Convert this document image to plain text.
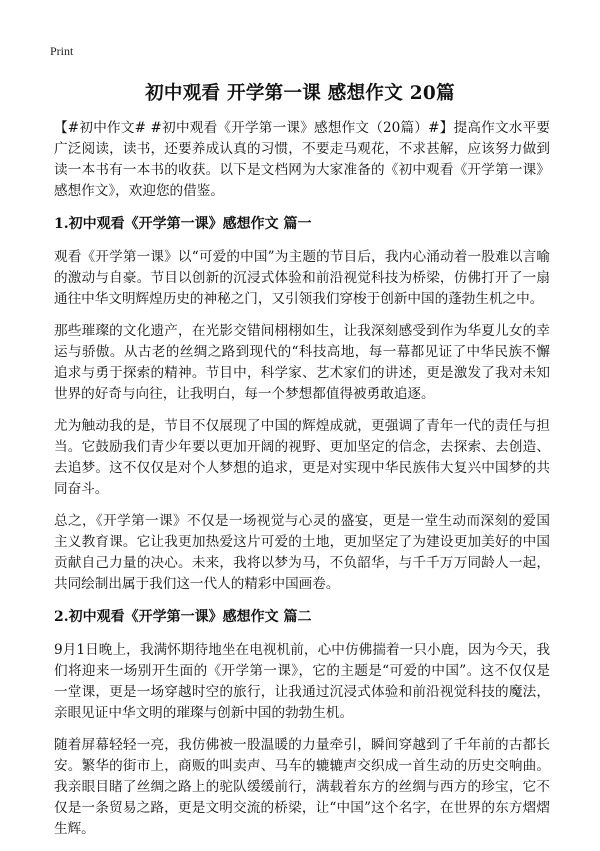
Print
初中观看 开学第一课 感想作文 20篇

【#初中作文# #初中观看《开学第一课》感想作文（20篇）#】提高作文水平要广泛阅读，读书，还要养成认真的习惯，不要走马观花，不求甚解，应该努力做到读一本书有一本书的收获。以下是文档网为大家准备的《初中观看《开学第一课》感想作文》，欢迎您的借鉴。

1.初中观看《开学第一课》感想作文 篇一

观看《开学第一课》以“可爱的中国”为主题的节目后，我内心涌动着一股难以言喻的激动与自豪。节目以创新的沉浸式体验和前沿视觉科技为桥梁，仿佛打开了一扇通往中华文明辉煌历史的神秘之门，又引领我们穿梭于创新中国的蓬勃生机之中。

那些璀璨的文化遗产，在光影交错间栩栩如生，让我深刻感受到作为华夏儿女的幸运与骄傲。从古老的丝绸之路到现代的“科技高地，每一幕都见证了中华民族不懈追求与勇于探索的精神。节目中，科学家、艺术家们的讲述，更是激发了我对未知世界的好奇与向往，让我明白，每一个梦想都值得被勇敢追逐。

尤为触动我的是，节目不仅展现了中国的辉煌成就，更强调了青年一代的责任与担当。它鼓励我们青少年要以更加开阔的视野、更加坚定的信念，去探索、去创造、去追梦。这不仅仅是对个人梦想的追求，更是对实现中华民族伟大复兴中国梦的共同奋斗。

总之，《开学第一课》不仅是一场视觉与心灵的盛宴，更是一堂生动而深刻的爱国主义教育课。它让我更加热爱这片可爱的土地，更加坚定了为建设更加美好的中国贡献自己力量的决心。未来，我将以梦为马，不负韶华，与千千万万同龄人一起，共同绘制出属于我们这一代人的精彩中国画卷。

2.初中观看《开学第一课》感想作文 篇二

9月1日晚上，我满怀期待地坐在电视机前，心中仿佛揣着一只小鹿，因为今天，我们将迎来一场别开生面的《开学第一课》，它的主题是“可爱的中国”。这不仅仅是一堂课，更是一场穿越时空的旅行，让我通过沉浸式体验和前沿视觉科技的魔法，亲眼见证中华文明的璀璨与创新中国的勃勃生机。

随着屏幕轻轻一亮，我仿佛被一股温暖的力量牵引，瞬间穿越到了千年前的古都长安。繁华的街市上，商贩的叫卖声、马车的辘辘声交织成一首生动的历史交响曲。我亲眼目睹了丝绸之路上的驼队缓缓前行，满载着东方的丝绸与西方的珍宝，它不仅是一条贸易之路，更是文明交流的桥梁，让“中国”这个名字，在世界的东方熠熠生辉。
